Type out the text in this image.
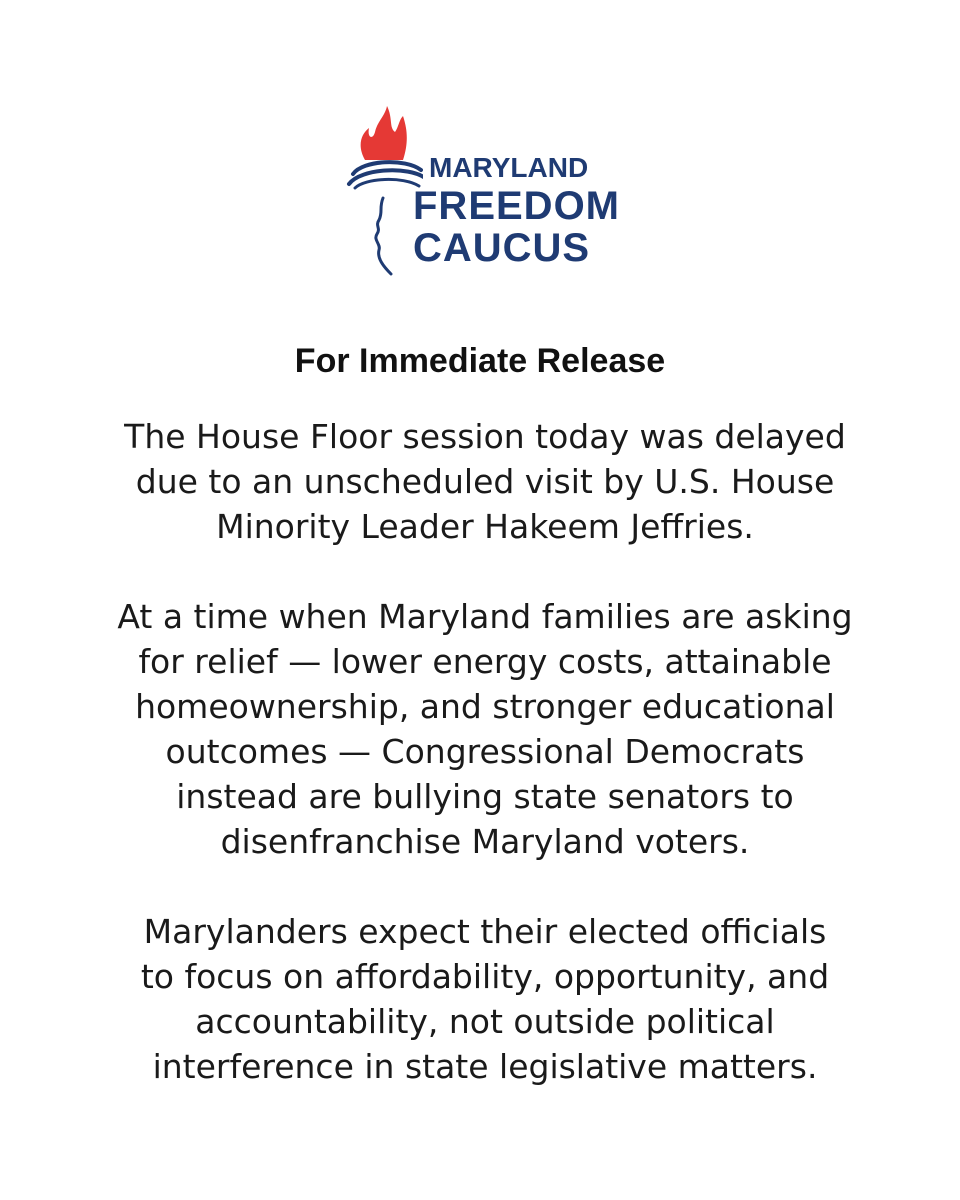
MARYLAND
FREEDOM
CAUCUS
For Immediate Release

The House Floor session today was delayed
due to an unscheduled visit by U.S. House
Minority Leader Hakeem Jeffries.

At a time when Maryland families are asking
for relief — lower energy costs, attainable
homeownership, and stronger educational
outcomes — Congressional Democrats
instead are bullying state senators to
disenfranchise Maryland voters.

Marylanders expect their elected officials
to focus on affordability, opportunity, and
accountability, not outside political
interference in state legislative matters.
